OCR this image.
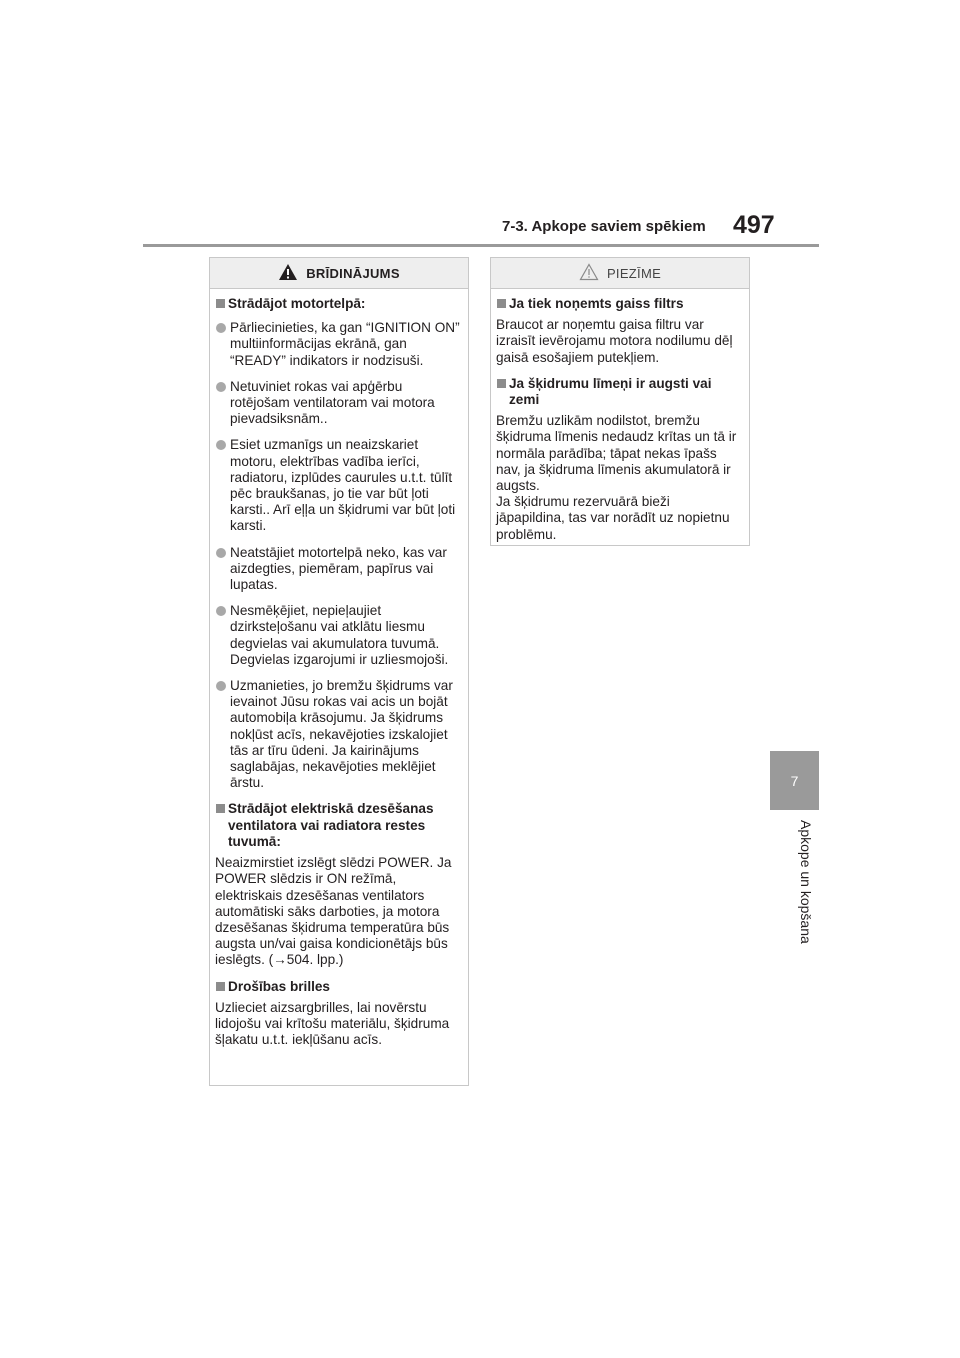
7-3. Apkope saviem spēkiem 497
7
Apkope un kopšana
BRĪDINĀJUMS
Strādājot motortelpā:
Pārliecinieties, ka gan “IGNITION ON” multiinformācijas ekrānā, gan “READY” indikators ir nodzisuši.
Netuviniet rokas vai apģērbu rotējošam ventilatoram vai motora pievadsiksnām..
Esiet uzmanīgs un neaizskariet motoru, elektrības vadība ierīci, radiatoru, izplūdes caurules u.t.t. tūlīt pēc braukšanas, jo tie var būt ļoti karsti.. Arī eļļa un šķidrumi var būt ļoti karsti.
Neatstājiet motortelpā neko, kas var aizdegties, piemēram, papīrus vai lupatas.
Nesmēķējiet, nepieļaujiet dzirksteļošanu vai atklātu liesmu degvielas vai akumulatora tuvumā. Degvielas izgarojumi ir uzliesmojoši.
Uzmanieties, jo bremžu šķidrums var ievainot Jūsu rokas vai acis un bojāt automobiļa krāsojumu. Ja šķidrums nokļūst acīs, nekavējoties izskalojiet tās ar tīru ūdeni. Ja kairinājums saglabājas, nekavējoties meklējiet ārstu.
Strādājot elektriskā dzesēšanas ventilatora vai radiatora restes tuvumā:
Neaizmirstiet izslēgt slēdzi POWER. Ja POWER slēdzis ir ON režīmā, elektriskais dzesēšanas ventilators automātiski sāks darboties, ja motora dzesēšanas šķidruma temperatūra būs augsta un/vai gaisa kondicionētājs būs ieslēgts. (→504. lpp.)
Drošības brilles
Uzlieciet aizsargbrilles, lai novērstu lidojošu vai krītošu materiālu, šķidruma šļakatu u.t.t. iekļūšanu acīs.
PIEZĪME
Ja tiek noņemts gaiss filtrs
Braucot ar noņemtu gaisa filtru var izraisīt ievērojamu motora nodilumu dēļ gaisā esošajiem putekļiem.
Ja šķidrumu līmeņi ir augsti vai zemi
Bremžu uzlikām nodilstot, bremžu šķidruma līmenis nedaudz krītas un tā ir normāla parādība; tāpat nekas īpašs nav, ja šķidruma līmenis akumulatorā ir augsts.
Ja šķidrumu rezervuārā bieži jāpapildina, tas var norādīt uz nopietnu problēmu.
